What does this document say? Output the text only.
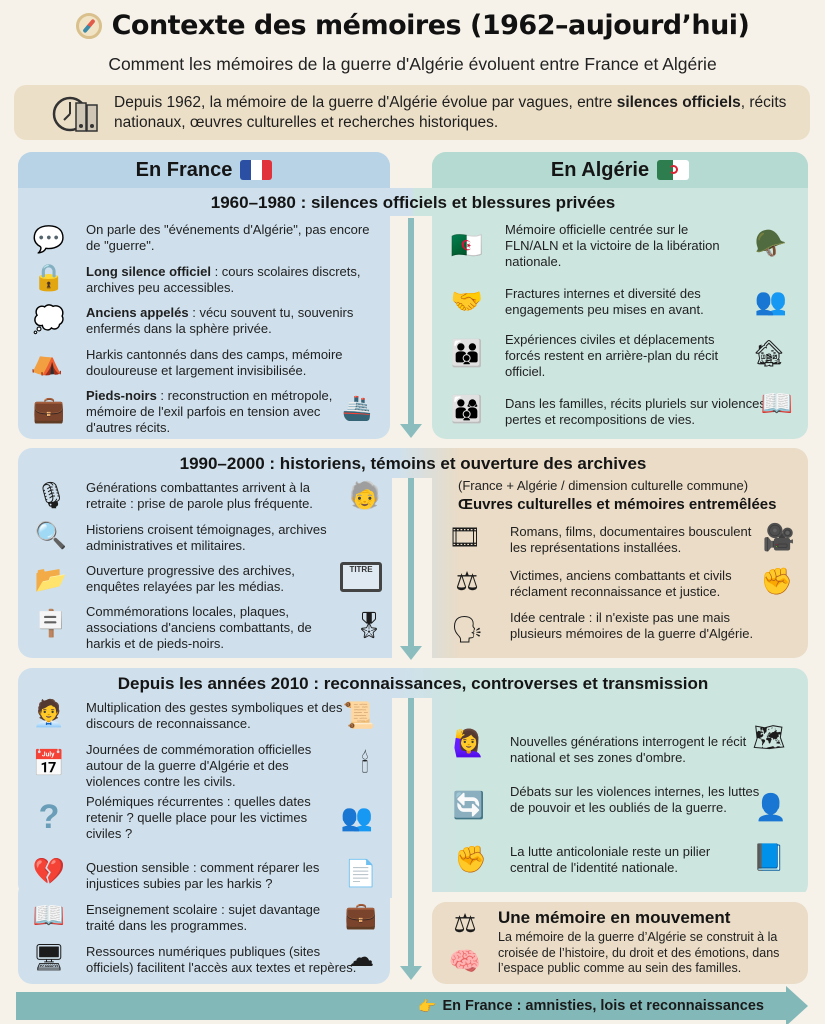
Contexte des mémoires (1962–aujourd’hui)
Comment les mémoires de la guerre d'Algérie évoluent entre France et Algérie
Depuis 1962, la mémoire de la guerre d'Algérie évolue par vagues, entre silences officiels, récits nationaux, œuvres culturelles et recherches historiques.
En France	En Algérie
1960–1980 : silences officiels et blessures privées
💬 On parle des "événements d'Algérie", pas encore de "guerre".
🔒 Long silence officiel : cours scolaires discrets, archives peu accessibles.
💭 Anciens appelés : vécu souvent tu, souvenirs enfermés dans la sphère privée.
⛺ Harkis cantonnés dans des camps, mémoire douloureuse et largement invisibilisée.
💼 Pieds-noirs : reconstruction en métropole, mémoire de l'exil parfois en tension avec d'autres récits.
🚢
🇩🇿
Mémoire officielle centrée sur le FLN/ALN et la victoire de la libération nationale.
🪖
🤝 Fractures internes et diversité des engagements peu mises en avant.	👥
👪 Expériences civiles et déplacements forcés restent en arrière-plan du récit officiel.
🏚
👨‍👩‍👦 Dans les familles, récits pluriels sur violences, pertes et recompositions de vies.
📖
1990–2000 : historiens, témoins et ouverture des archives
🎙 Générations combattantes arrivent à la retraite : prise de parole plus fréquente.	🧓
🔍 Historiens croisent témoignages, archives administratives et militaires.
📂 Ouverture progressive des archives, enquêtes relayées par les médias.
TITRE
🪧 Commémorations locales, plaques, associations d'anciens combattants, de harkis et de pieds-noirs.
🎖
(France + Algérie / dimension culturelle commune)
Œuvres culturelles et mémoires entremêlées
🎞 Romans, films, documentaires bousculent les représentations installées.	🎥
⚖	Victimes, anciens combattants et civils réclament reconnaissance et justice.	✊
🗣 Idée centrale : il n'existe pas une mais plusieurs mémoires de la guerre d'Algérie.
Depuis les années 2010 : reconnaissances, controverses et transmission
🧑‍💼 Multiplication des gestes symboliques et des discours de reconnaissance.	📜
📅 Journées de commémoration officielles autour de la guerre d'Algérie et des violences contre les civils.
🕯
?	Polémiques récurrentes : quelles dates retenir ? quelle place pour les victimes civiles ?
👥
💔 Question sensible : comment réparer les injustices subies par les harkis ?	📄
📖 Enseignement scolaire : sujet davantage traité dans les programmes.	💼
🖥 Ressources numériques publiques (sites officiels) facilitent l'accès aux textes et repères.
☁
🙋‍♀️ Nouvelles générations interrogent le récit national et ses zones d'ombre.
🗺
🔄 Débats sur les violences internes, les luttes de pouvoir et les oubliés de la guerre.	👤
✊ La lutte anticoloniale reste un pilier central de l'identité nationale.	📘
⚖
🧠
Une mémoire en mouvement
La mémoire de la guerre d’Algérie se construit à la croisée de l’histoire, du droit et des émotions, dans l’espace public comme au sein des familles.
👉 En France : amnisties, lois et reconnaissances
